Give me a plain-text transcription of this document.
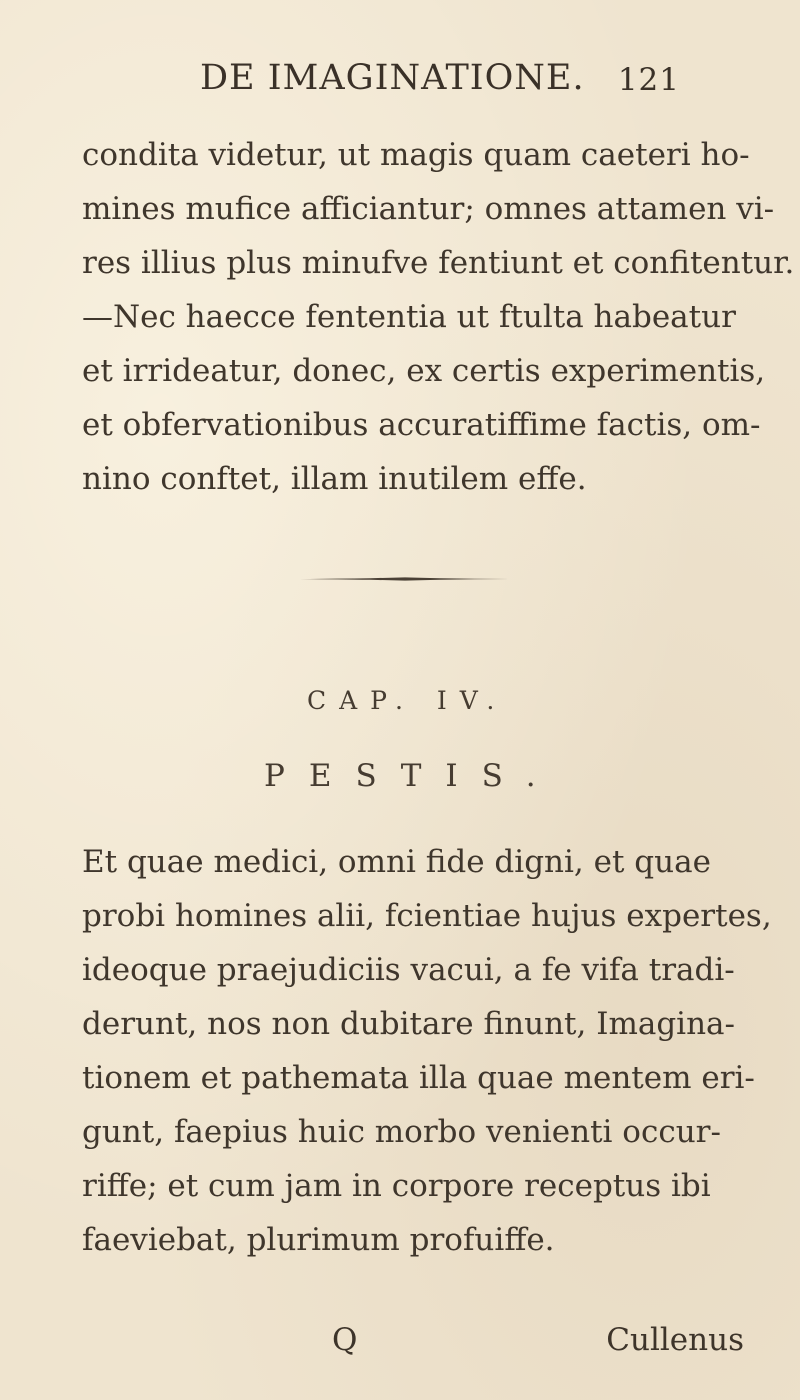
DE IMAGINATIONE. 121
condita videtur, ut magis quam caeteri ho-
mines mufice afficiantur; omnes attamen vi-
res illius plus minufve fentiunt et confitentur.
—Nec haecce fententia ut ftulta habeatur
et irrideatur, donec, ex certis experimentis,
et obfervationibus accuratiffime factis, om-
nino conftet, illam inutilem effe.
CAP. IV.
PESTIS.
Et quae medici, omni fide digni, et quae
probi homines alii, fcientiae hujus expertes,
ideoque praejudiciis vacui, a fe vifa tradi-
derunt, nos non dubitare finunt, Imagina-
tionem et pathemata illa quae mentem eri-
gunt, faepius huic morbo venienti occur-
riffe; et cum jam in corpore receptus ibi
faeviebat, plurimum profuiffe.
Q	Cullenus
